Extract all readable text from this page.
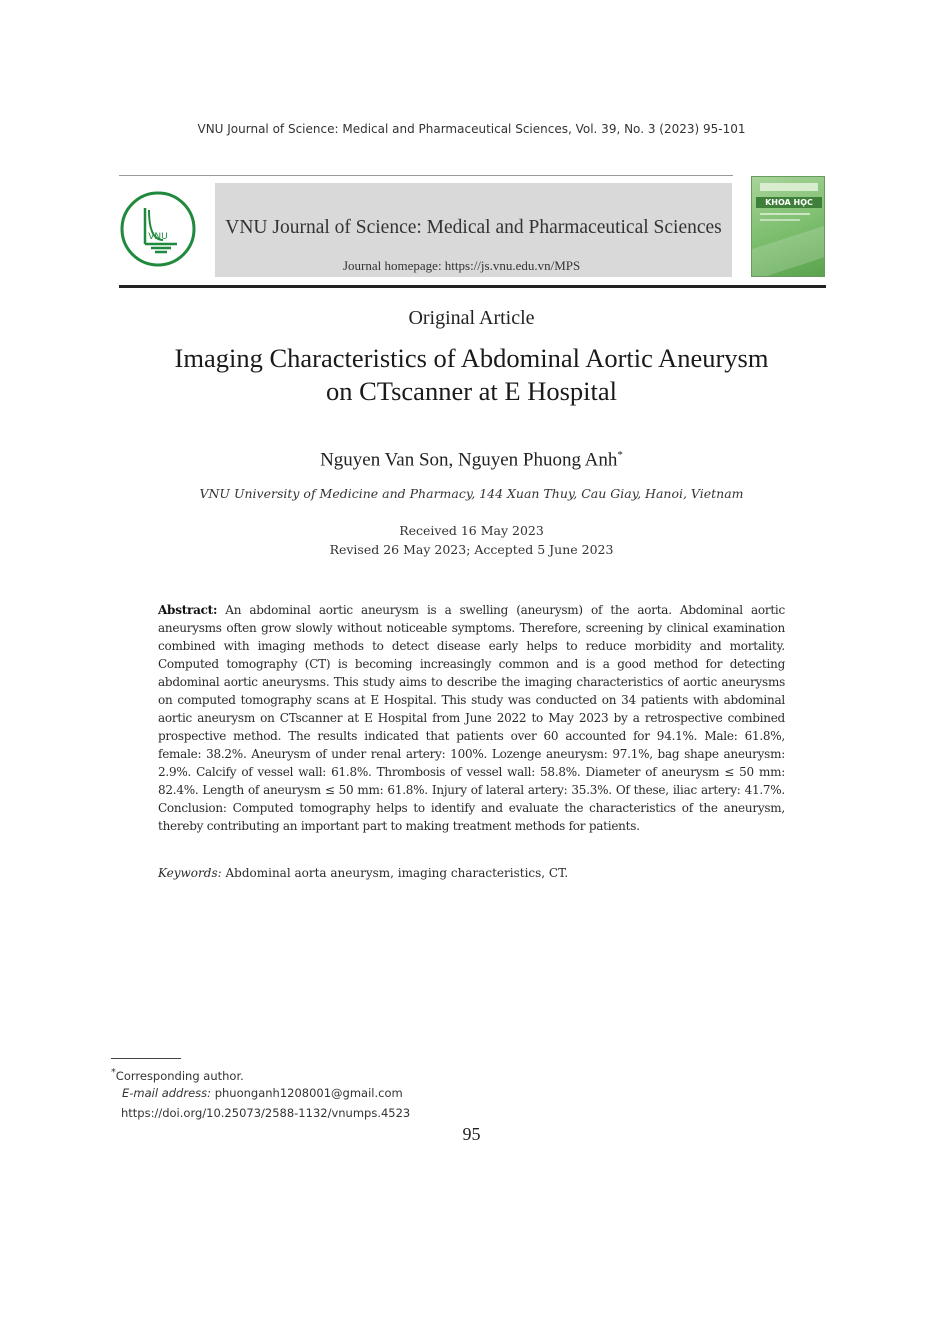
VNU Journal of Science: Medical and Pharmaceutical Sciences, Vol. 39, No. 3 (2023) 95-101
VNU	VNU Journal of Science: Medical and Pharmaceutical Sciences
Journal homepage: https://js.vnu.edu.vn/MPS
KHOA HỌC
Original Article
Imaging Characteristics of Abdominal Aortic Aneurysm
on CTscanner at E Hospital
Nguyen Van Son, Nguyen Phuong Anh*
VNU University of Medicine and Pharmacy, 144 Xuan Thuy, Cau Giay, Hanoi, Vietnam
Received 16 May 2023
Revised 26 May 2023; Accepted 5 June 2023
Abstract: An abdominal aortic aneurysm is a swelling (aneurysm) of the aorta. Abdominal aortic aneurysms often grow slowly without noticeable symptoms. Therefore, screening by clinical examination combined with imaging methods to detect disease early helps to reduce morbidity and mortality. Computed tomography (CT) is becoming increasingly common and is a good method for detecting abdominal aortic aneurysms. This study aims to describe the imaging characteristics of aortic aneurysms on computed tomography scans at E Hospital. This study was conducted on 34 patients with abdominal aortic aneurysm on CTscanner at E Hospital from June 2022 to May 2023 by a retrospective combined prospective method. The results indicated that patients over 60 accounted for 94.1%. Male: 61.8%, female: 38.2%. Aneurysm of under renal artery: 100%. Lozenge aneurysm: 97.1%, bag shape aneurysm: 2.9%. Calcify of vessel wall: 61.8%. Thrombosis of vessel wall: 58.8%. Diameter of aneurysm ≤ 50 mm: 82.4%. Length of aneurysm ≤ 50 mm: 61.8%. Injury of lateral artery: 35.3%. Of these, iliac artery: 41.7%. Conclusion: Computed tomography helps to identify and evaluate the characteristics of the aneurysm, thereby contributing an important part to making treatment methods for patients.
Keywords: Abdominal aorta aneurysm, imaging characteristics, CT.
*Corresponding author.
E-mail address: phuonganh1208001@gmail.com
https://doi.org/10.25073/2588-1132/vnumps.4523
95
